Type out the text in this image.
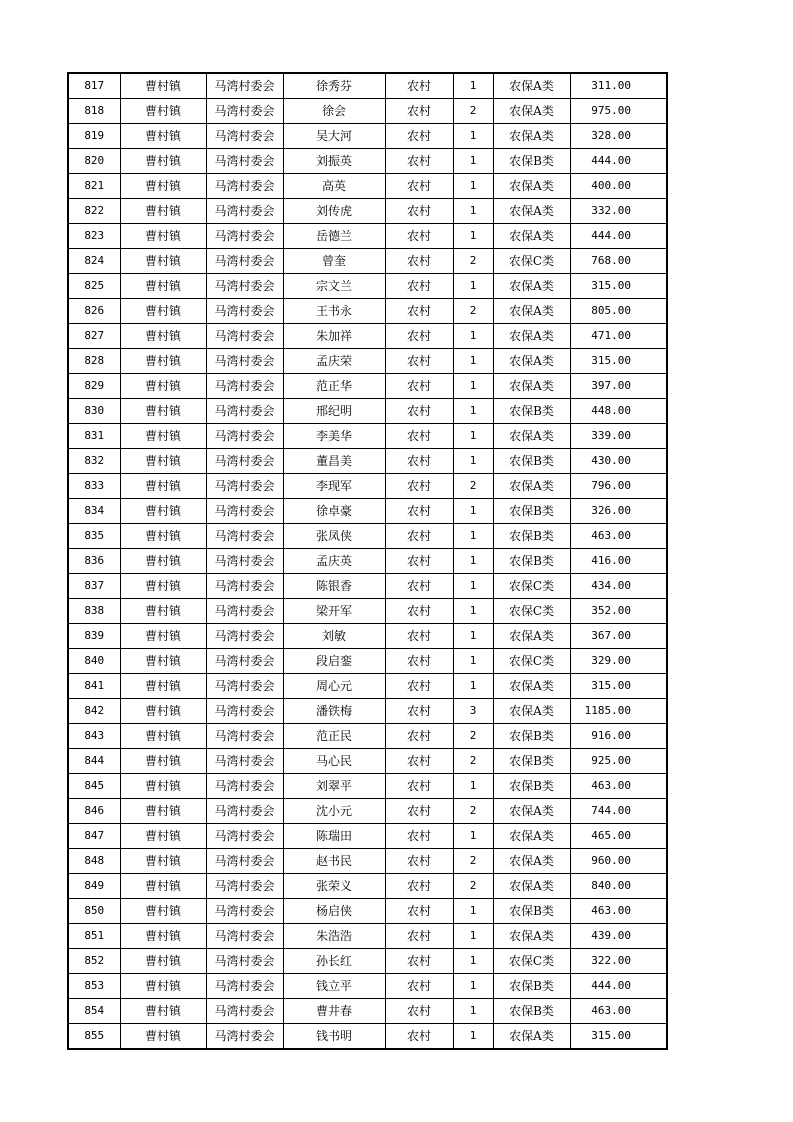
817	曹村镇	马湾村委会	徐秀芬	农村	1	农保A类	311.00
818	曹村镇	马湾村委会	徐会	农村	2	农保A类	975.00
819	曹村镇	马湾村委会	吴大河	农村	1	农保A类	328.00
820	曹村镇	马湾村委会	刘振英	农村	1	农保B类	444.00
821	曹村镇	马湾村委会	高英	农村	1	农保A类	400.00
822	曹村镇	马湾村委会	刘传虎	农村	1	农保A类	332.00
823	曹村镇	马湾村委会	岳德兰	农村	1	农保A类	444.00
824	曹村镇	马湾村委会	曾奎	农村	2	农保C类	768.00
825	曹村镇	马湾村委会	宗文兰	农村	1	农保A类	315.00
826	曹村镇	马湾村委会	王书永	农村	2	农保A类	805.00
827	曹村镇	马湾村委会	朱加祥	农村	1	农保A类	471.00
828	曹村镇	马湾村委会	孟庆荣	农村	1	农保A类	315.00
829	曹村镇	马湾村委会	范正华	农村	1	农保A类	397.00
830	曹村镇	马湾村委会	邢纪明	农村	1	农保B类	448.00
831	曹村镇	马湾村委会	李美华	农村	1	农保A类	339.00
832	曹村镇	马湾村委会	董昌美	农村	1	农保B类	430.00
833	曹村镇	马湾村委会	李现军	农村	2	农保A类	796.00
834	曹村镇	马湾村委会	徐卓豪	农村	1	农保B类	326.00
835	曹村镇	马湾村委会	张凤侠	农村	1	农保B类	463.00
836	曹村镇	马湾村委会	孟庆英	农村	1	农保B类	416.00
837	曹村镇	马湾村委会	陈银香	农村	1	农保C类	434.00
838	曹村镇	马湾村委会	梁开军	农村	1	农保C类	352.00
839	曹村镇	马湾村委会	刘敏	农村	1	农保A类	367.00
840	曹村镇	马湾村委会	段启銮	农村	1	农保C类	329.00
841	曹村镇	马湾村委会	周心元	农村	1	农保A类	315.00
842	曹村镇	马湾村委会	潘铁梅	农村	3	农保A类	1185.00
843	曹村镇	马湾村委会	范正民	农村	2	农保B类	916.00
844	曹村镇	马湾村委会	马心民	农村	2	农保B类	925.00
845	曹村镇	马湾村委会	刘翠平	农村	1	农保B类	463.00
846	曹村镇	马湾村委会	沈小元	农村	2	农保A类	744.00
847	曹村镇	马湾村委会	陈瑞田	农村	1	农保A类	465.00
848	曹村镇	马湾村委会	赵书民	农村	2	农保A类	960.00
849	曹村镇	马湾村委会	张荣义	农村	2	农保A类	840.00
850	曹村镇	马湾村委会	杨启侠	农村	1	农保B类	463.00
851	曹村镇	马湾村委会	朱浩浩	农村	1	农保A类	439.00
852	曹村镇	马湾村委会	孙长红	农村	1	农保C类	322.00
853	曹村镇	马湾村委会	钱立平	农村	1	农保B类	444.00
854	曹村镇	马湾村委会	曹井春	农村	1	农保B类	463.00
855	曹村镇	马湾村委会	钱书明	农村	1	农保A类	315.00
